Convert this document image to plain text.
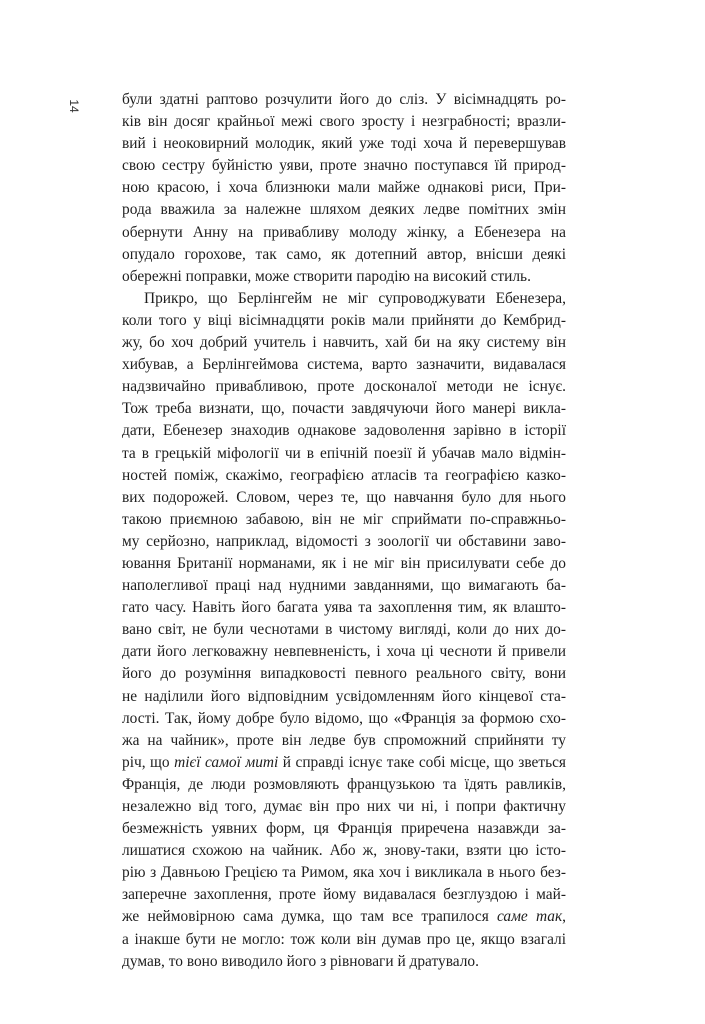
14	були здатні раптово розчулити його до сліз. У вісімнадцять ро-
ків він досяг крайньої межі свого зросту і незграбності; вразли-
вий і неоковирний молодик, який уже тоді хоча й перевершував
свою сестру буйністю уяви, проте значно поступався їй природ-
ною красою, і хоча близнюки мали майже однакові риси, При-
рода вважила за належне шляхом деяких ледве помітних змін
обернути Анну на привабливу молоду жінку, а Ебенезера на
опудало горохове, так само, як дотепний автор, внісши деякі
обережні поправки, може створити пародію на високий стиль.
Прикро, що Берлінгейм не міг супроводжувати Ебенезера,
коли того у віці вісімнадцяти років мали прийняти до Кембрид-
жу, бо хоч добрий учитель і навчить, хай би на яку систему він
хибував, а Берлінгеймова система, варто зазначити, видавалася
надзвичайно привабливою, проте досконалої методи не існує.
Тож треба визнати, що, почасти завдячуючи його манері викла-
дати, Ебенезер знаходив однакове задоволення зарівно в історії
та в грецькій міфології чи в епічній поезії й убачав мало відмін-
ностей поміж, скажімо, географією атласів та географією казко-
вих подорожей. Словом, через те, що навчання було для нього
такою приємною забавою, він не міг сприймати по-справжньо-
му серйозно, наприклад, відомості з зоології чи обставини заво-
ювання Британії норманами, як і не міг він присилувати себе до
наполегливої праці над нудними завданнями, що вимагають ба-
гато часу. Навіть його багата уява та захоплення тим, як влашто-
вано світ, не були чеснотами в чистому вигляді, коли до них до-
дати його легковажну невпевненість, і хоча ці чесноти й привели
його до розуміння випадковості певного реального світу, вони
не наділили його відповідним усвідомленням його кінцевої ста-
лості. Так, йому добре було відомо, що «Франція за формою схо-
жа на чайник», проте він ледве був спроможний сприйняти ту
річ, що тієї самої миті й справді існує таке собі місце, що зветься
Франція, де люди розмовляють французькою та їдять равликів,
незалежно від того, думає він про них чи ні, і попри фактичну
безмежність уявних форм, ця Франція приречена назавжди за-
лишатися схожою на чайник. Або ж, знову-таки, взяти цю істо-
рію з Давньою Грецією та Римом, яка хоч і викликала в нього без-
заперечне захоплення, проте йому видавалася безглуздою і май-
же неймовірною сама думка, що там все трапилося саме так,
а інакше бути не могло: тож коли він думав про це, якщо взагалі
думав, то воно виводило його з рівноваги й дратувало.
